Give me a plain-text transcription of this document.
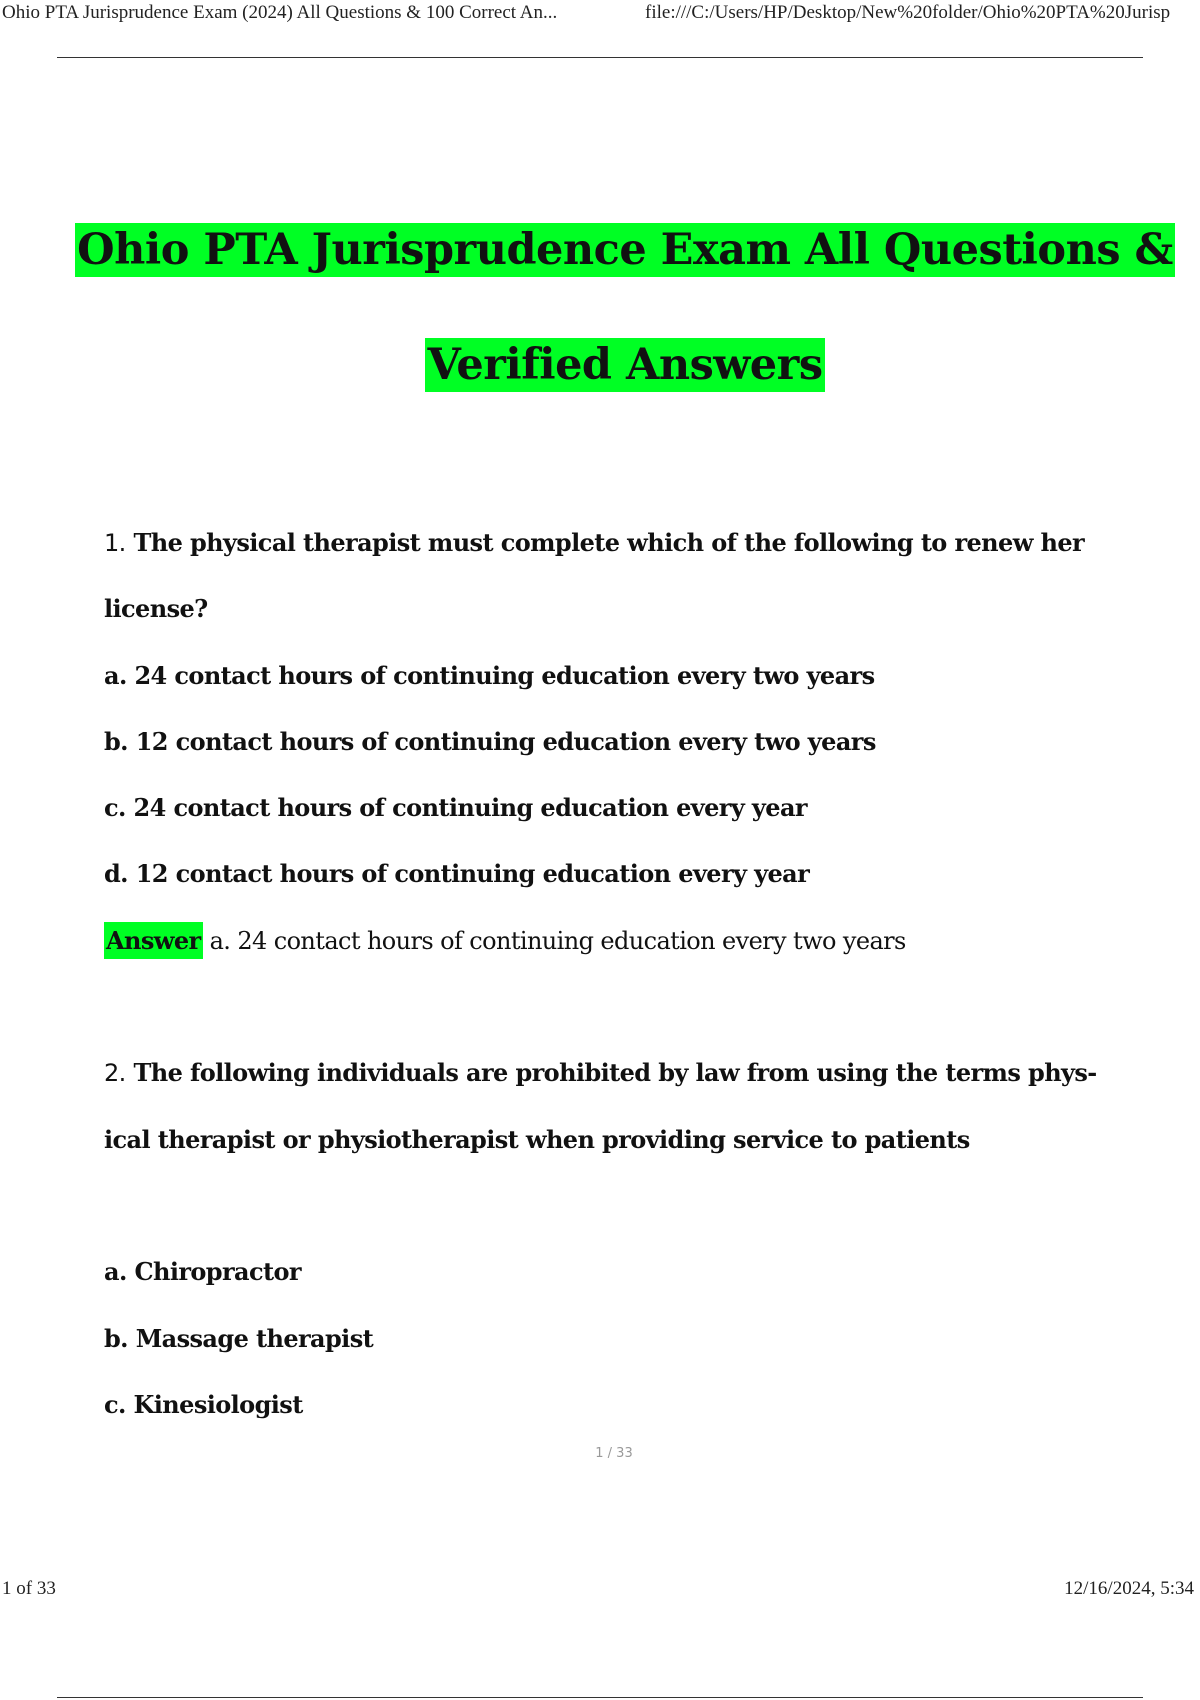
Ohio PTA Jurisprudence Exam (2024) All Questions & 100 Correct An...	file:///C:/Users/HP/Desktop/New%20folder/Ohio%20PTA%20Jurisp
Ohio PTA Jurisprudence Exam All Questions &
Verified Answers
1. The physical therapist must complete which of the following to renew her
license?
a. 24 contact hours of continuing education every two years
b. 12 contact hours of continuing education every two years
c. 24 contact hours of continuing education every year
d. 12 contact hours of continuing education every year
Answer a. 24 contact hours of continuing education every two years
2. The following individuals are prohibited by law from using the terms phys-
ical therapist or physiotherapist when providing service to patients
a. Chiropractor
b. Massage therapist
c. Kinesiologist
1 / 33
1 of 33	12/16/2024, 5:34
